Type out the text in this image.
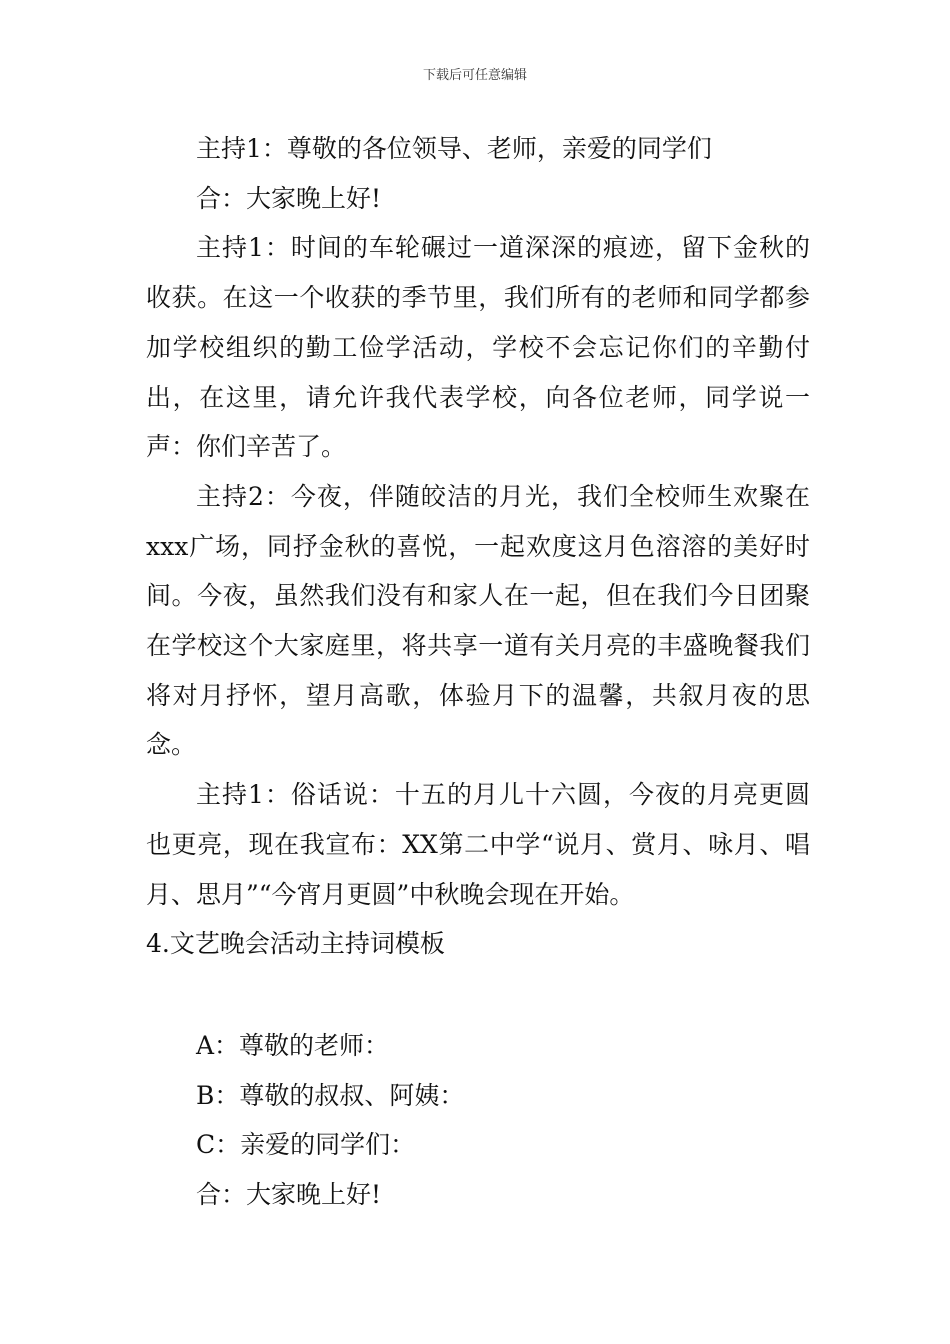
下载后可任意编辑

主持1：尊敬的各位领导、老师，亲爱的同学们

合：大家晚上好!

主持1：时间的车轮碾过一道深深的痕迹，留下金秋的收获。在这一个收获的季节里，我们所有的老师和同学都参加学校组织的勤工俭学活动，学校不会忘记你们的辛勤付出，在这里，请允许我代表学校，向各位老师，同学说一声：你们辛苦了。

主持2：今夜，伴随皎洁的月光，我们全校师生欢聚在xxx广场，同抒金秋的喜悦，一起欢度这月色溶溶的美好时间。今夜，虽然我们没有和家人在一起，但在我们今日团聚在学校这个大家庭里，将共享一道有关月亮的丰盛晚餐我们将对月抒怀，望月高歌，体验月下的温馨，共叙月夜的思念。

主持1：俗话说：十五的月儿十六圆，今夜的月亮更圆也更亮，现在我宣布：XX第二中学“说月、赏月、咏月、唱月、思月”“今宵月更圆”中秋晚会现在开始。

4.文艺晚会活动主持词模板

A：尊敬的老师：

B：尊敬的叔叔、阿姨：

C：亲爱的同学们：

合：大家晚上好!
